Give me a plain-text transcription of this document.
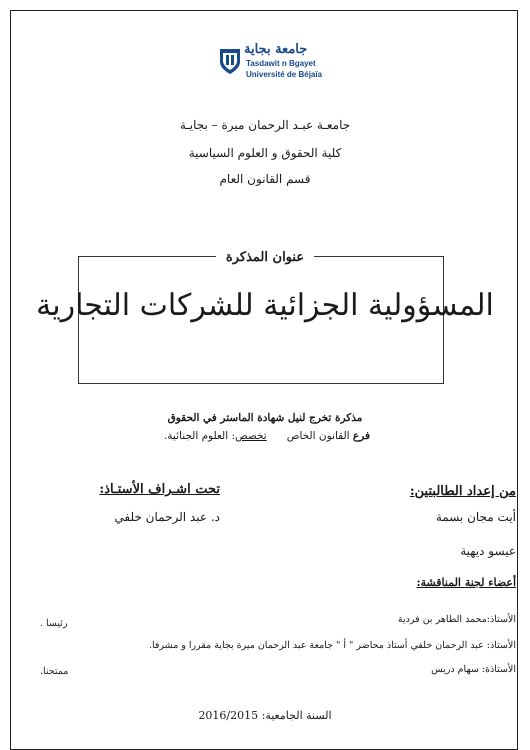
جامعة بجاية
Tasdawit n Bgayet
Université de Béjaïa
جامعـة عبـد الرحمان ميرة – بجايـة
كلية الحقوق و العلوم السياسية
قسم القانون العام
عنوان المذكرة
المسؤولية الجزائية للشركات التجارية
مذكرة تخرج لنيل شهادة الماستر في الحقوق
فرع القانون الخاص      تخصص: العلوم الجنائية.
تحت اشـراف الأستـاذ:
د. عبد الرحمان خلفي
من إعداد الطالبتين:
أيت مجان بسمة
عيسو ديهية
أعضاء لجنة المناقشة:
الأستاذ:محمد الطاهر بن فردية
رئيسا .
الأستاذ: عبد الرحمان خلفي أستاذ محاضر " أ " جامعة عبد الرحمان ميرة بجاية مقررا و مشرفا.
الأستاذة: سهام دريس
ممتحنا.
السنة الجامعية: 2016/2015
